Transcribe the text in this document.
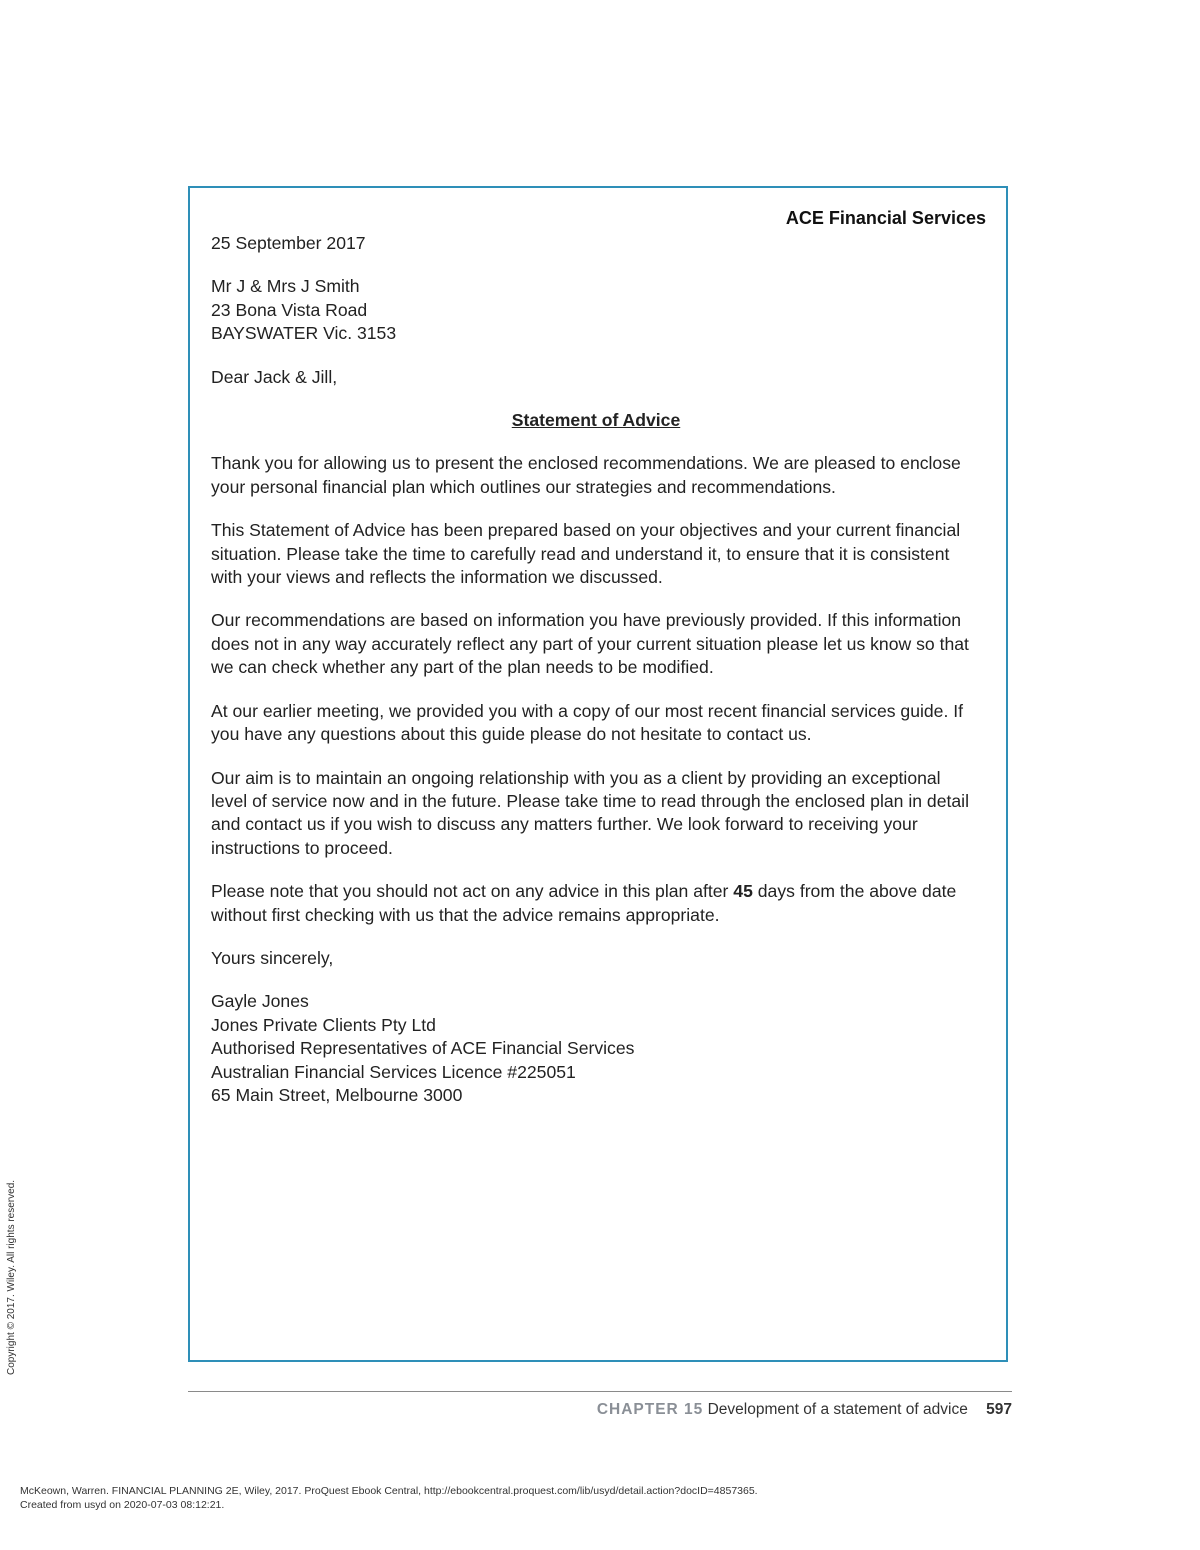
ACE Financial Services

25 September 2017

Mr J & Mrs J Smith
23 Bona Vista Road
BAYSWATER Vic. 3153

Dear Jack & Jill,

Statement of Advice

Thank you for allowing us to present the enclosed recommendations. We are pleased to enclose your personal financial plan which outlines our strategies and recommendations.

This Statement of Advice has been prepared based on your objectives and your current financial situation. Please take the time to carefully read and understand it, to ensure that it is consistent with your views and reflects the information we discussed.

Our recommendations are based on information you have previously provided. If this information does not in any way accurately reflect any part of your current situation please let us know so that we can check whether any part of the plan needs to be modified.

At our earlier meeting, we provided you with a copy of our most recent financial services guide. If you have any questions about this guide please do not hesitate to contact us.

Our aim is to maintain an ongoing relationship with you as a client by providing an exceptional level of service now and in the future. Please take time to read through the enclosed plan in detail and contact us if you wish to discuss any matters further. We look forward to receiving your instructions to proceed.

Please note that you should not act on any advice in this plan after 45 days from the above date without first checking with us that the advice remains appropriate.

Yours sincerely,

Gayle Jones
Jones Private Clients Pty Ltd
Authorised Representatives of ACE Financial Services
Australian Financial Services Licence #225051
65 Main Street, Melbourne 3000
CHAPTER 15 Development of a statement of advice 597
Copyright © 2017. Wiley. All rights reserved.
McKeown, Warren. FINANCIAL PLANNING 2E, Wiley, 2017. ProQuest Ebook Central, http://ebookcentral.proquest.com/lib/usyd/detail.action?docID=4857365.
Created from usyd on 2020-07-03 08:12:21.
